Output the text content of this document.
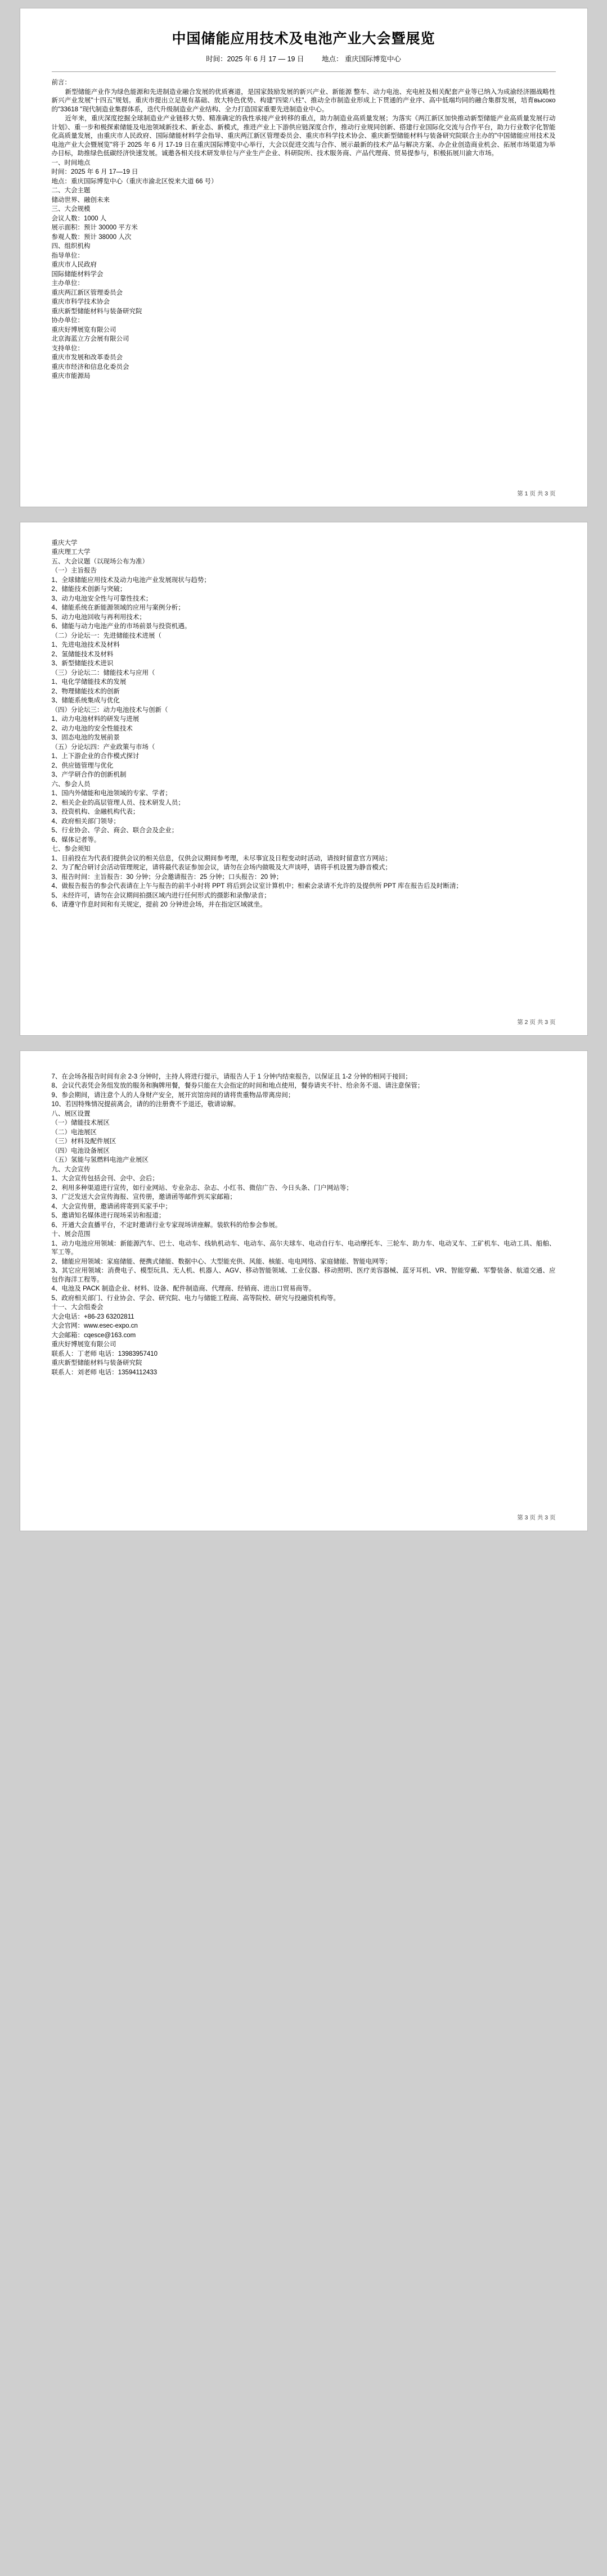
中国储能应用技术及电池产业大会暨展览
时间：2025 年 6 月 17 — 19 日	地点： 重庆国际博览中心

前言：

新型储能产业作为绿色能源和先进制造业融合发展的优质赛道，是国家鼓励发展的新兴产业、新能源 整车、动力电池、充电桩及相关配套产业等已纳入为成渝经济圈战略性新兴产业发展"十四五"规划。重庆市提出立足规有基础、放大特色优势、构建"四梁八柱"、推动全市制造业形成上下贯通的产业序、高中低端均同的融合集群发展，培育высоко的"33618 "现代制造业集群体系，迭代升级制造业产业结构、全力打造国家重要先进制造业中心。

近年来，重庆深度挖掘全球制造业产业链移大势、精准确定的我性承接产业转移的重点，助力制造业高质量发展；为落实《两江新区加快推动新型储能产业高质量发展行动计划》、重一步和极探索储能及电池领域新技术、新业态、新模式，推进产业上下游供应链深度合作，推动行业规同创新、搭建行业国际化交流与合作平台，助力行业数字化智能化高质量发展，由重庆市人民政府、国际储能材料学会指导、重庆两江新区管理委员会、重庆市科学技术协会、重庆新型储能材料与装备研究院联合主办的"中国储能应用技术及电池产业大会暨展览"将于 2025 年 6 月 17-19 日在重庆国际博览中心举行，大会以促进交流与合作、展示最新的技术产品与解决方案、办企业创造商业机会、拓展市场渠道为举办目标，助推绿色低碳经济快速发展。诚邀各相关技术研发单位与产业生产企业、科研院所、技术服务商、产品代理商、贸易提参与，积极拓展川渝大市场。

一、时间地点

时间：2025 年 6 月 17—19 日

地点：重庆国际博览中心（重庆市渝北区悦来大道 66 号）

二、大会主题

储动世界、融创未来

三、大会规模

会议人数：1000 人

展示面积：预计 30000 平方米

参观人数：预计 38000 人次

四、组织机构

指导单位：

重庆市人民政府

国际储能材料学会

主办单位：

重庆两江新区管理委员会

重庆市科学技术协会

重庆新型储能材料与装备研究院

协办单位：

重庆好博展览有限公司

北京海蓝立方会展有限公司

支持单位：

重庆市发展和改革委员会

重庆市经济和信息化委员会

重庆市能源局

第 1 页 共 3 页

重庆大学

重庆理工大学

五、大会议题（以现场公布为准）

（一）主旨报告

1、全球储能应用技术及动力电池产业发展现状与趋势；

2、储能技术创新与突破；

3、动力电池安全性与可靠性技术；

4、储能系统在新能源领域的应用与案例分析；

5、动力电池回收与再利用技术；

6、储能与动力电池产业的市场前景与投资机遇。

（二）分论坛一：先进储能技术进展（

1、先进电池技术及材料

2、氢储能技术及材料

3、新型储能技术进识

（三）分论坛二：储能技术与应用（

1、电化学储能技术的发展

2、物理储能技术的创新

3、储能系统集成与优化

（四）分论坛三：动力电池技术与创新（

1、动力电池材料的研发与进展

2、动力电池的安全性能技术

3、固态电池的发展前景

（五）分论坛四：产业政策与市场（

1、上下游企业的合作模式探讨

2、供应链管理与优化

3、产学研合作的创新机制

六、参会人员

1、国内外储能和电池领域的专家、学者；

2、相关企业的高层管理人员、技术研发人员；

3、投资机构、金融机构代表；

4、政府相关部门领导；

5、行业协会、学会、商会、联合会及企业；

6、媒体记者等。

七、参会须知

1、目前投在为代表们提供会议的相关信息，仅供会议期间参考理，未尽事宜及日程变动时活动，请按时留意官方网站；

2、为了配合研讨会活动管理规定，请将最代表证参加会议，请勿在会场内做吸及大声谈呼，请将手机设置为静音模式；

3、报告时间：主旨报告：30 分钟；分会邀请报告：25 分钟；口头报告：20 钟；

4、做报告报告的参会代表请在上午与报告的前半小时将 PPT 将后到会议室计算机中；相索会录请不允许的及提供所 PPT 库在报告后及时断清；

5、未经许可，请勿在会议期间拍摄区域内进行任何形式的摄影和录像/录音；

6、请遵守作息时间和有关规定，提前 20 分钟进会场，并在指定区域就坐。

第 2 页 共 3 页

7、在会场各报告时间有余 2-3 分钟时，主持人将进行提示，请报告人于 1 分钟内结束报告，以保证且 1-2 分钟的相同于接回；

8、会议代表凭会务组发放的服务和胸牌用餐，餐券只能在大会指定的时间和地点使用，餐券请夹不针、给余务不退、请注意保管；

9、参会期间，请注意个人的人身财产安全，展开宾馆房间的请将贵重物品带离房间；

10、若因特殊情况提前离会，请的的注册费不予退还，敬请谅解。

八、展区设置

（一）储能技术展区

（二）电池展区

（三）材料及配件展区

（四）电池设备展区

（五）氢能与氢燃料电池产业展区

九、大会宣传

1、大会宣传包括会刊、会中、会后；

2、利用多种渠道进行宣传，如行业网站、专业杂志、杂志、小红书、微信广告、今日头条、门户网站等；

3、广泛发送大会宣传海报、宣传册，邀请函等邮件到买家邮箱；

4、大会宣传册，邀请函将寄到买家手中；

5、邀请知名媒体进行现场采访和报道；

6、开通大会直播平台，不定时邀请行业专家现场讲座解。装软科的给参会参展。

十、展会范围

1、动力电池应用领域：新能源汽车、巴士、电动车、线轨机动车、电动车、高尔夫球车、电动自行车、电动摩托车、三轮车、助力车、电动叉车、工矿机车、电动工具、船舶、军工等。

2、储能应用领域：家庭储能、便携式储能、数据中心、大型能充供、风能、核能、电电网络、家庭储能、智能电网等；

3、其它应用领域：消费电子、模型玩具、无人机、机器人、AGV、移动智能领域、工业仪器、移动照明、医疗美容器械、蓝牙耳机、VR、智能穿戴、军警装备、航道交通、应包作海洋工程等。

4、电池及 PACK 制造企业、材料、设备、配件制造商、代理商、经销商、进出口贸易商等。

5、政府相关部门、行业协会、学会、研究院、电力与储能工程商、高等院校、研究与投融资机构等。

十一、大会组委会

大会电话：+86-23 63202811

大会官网：www.esec-expo.cn

大会邮箱：cqesce@163.com

重庆好博展览有限公司

联系人：丁老师 电话：13983957410

重庆新型储能材料与装备研究院

联系人：刘老师 电话：13594112433

第 3 页 共 3 页
